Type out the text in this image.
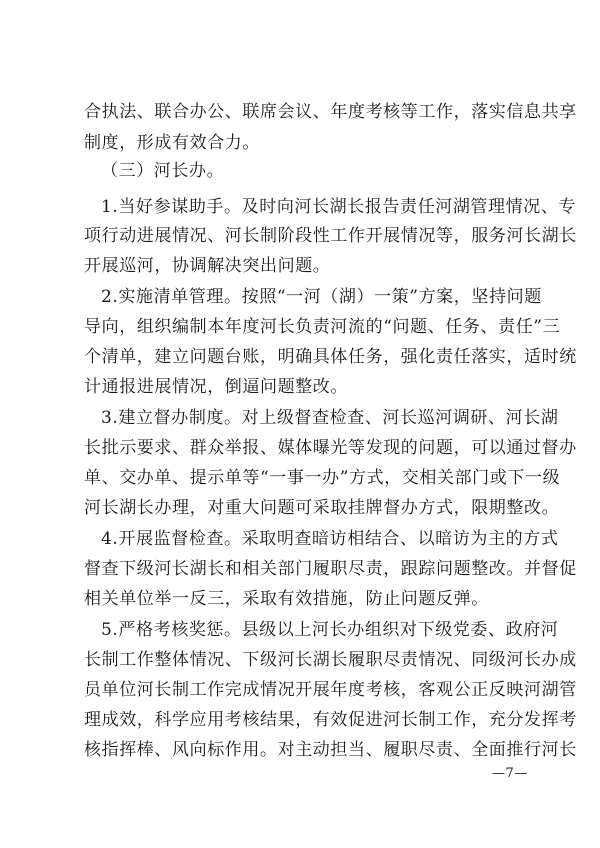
合执法、联合办公、联席会议、年度考核等工作，落实信息共享
制度，形成有效合力。
（三）河长办。
1.当好参谋助手。及时向河长湖长报告责任河湖管理情况、专
项行动进展情况、河长制阶段性工作开展情况等，服务河长湖长
开展巡河，协调解决突出问题。
2.实施清单管理。按照“一河（湖）一策”方案，坚持问题
导向，组织编制本年度河长负责河流的“问题、任务、责任”三
个清单，建立问题台账，明确具体任务，强化责任落实，适时统
计通报进展情况，倒逼问题整改。
3.建立督办制度。对上级督查检查、河长巡河调研、河长湖
长批示要求、群众举报、媒体曝光等发现的问题，可以通过督办
单、交办单、提示单等“一事一办”方式，交相关部门或下一级
河长湖长办理，对重大问题可采取挂牌督办方式，限期整改。
4.开展监督检查。采取明查暗访相结合、以暗访为主的方式
督查下级河长湖长和相关部门履职尽责，跟踪问题整改。并督促
相关单位举一反三，采取有效措施，防止问题反弹。
5.严格考核奖惩。县级以上河长办组织对下级党委、政府河
长制工作整体情况、下级河长湖长履职尽责情况、同级河长办成
员单位河长制工作完成情况开展年度考核，客观公正反映河湖管
理成效，科学应用考核结果，有效促进河长制工作，充分发挥考
核指挥棒、风向标作用。对主动担当、履职尽责、全面推行河长
—7—
